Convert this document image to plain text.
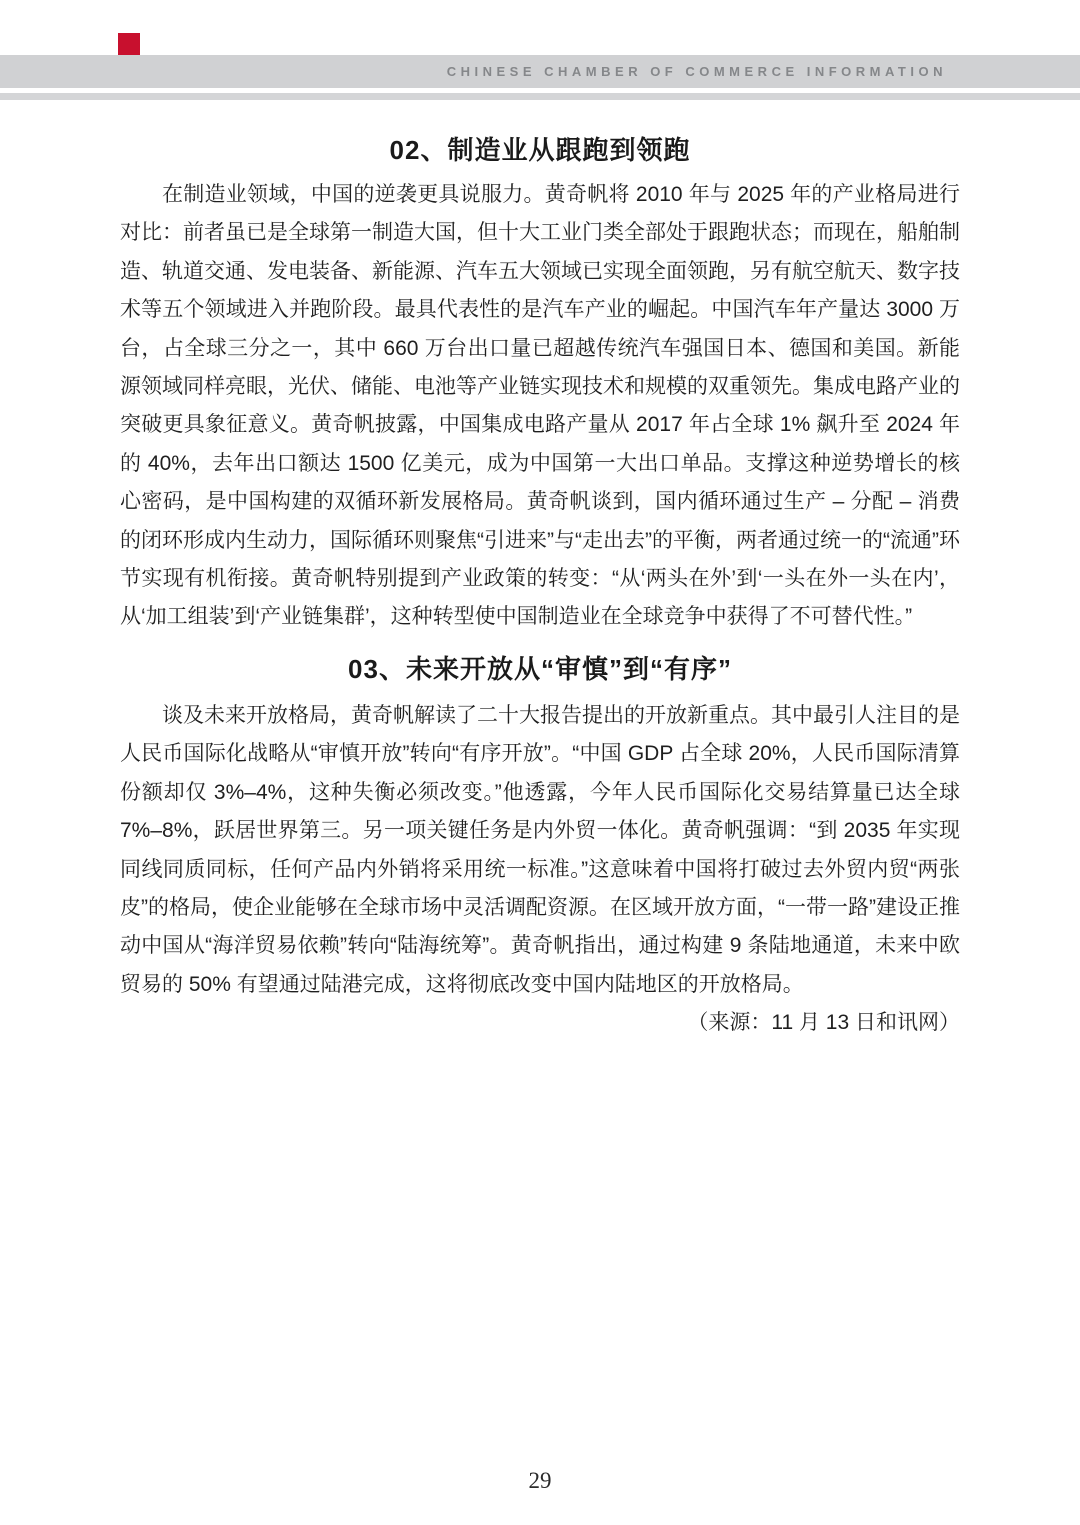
CHINESE CHAMBER OF COMMERCE INFORMATION
02、制造业从跟跑到领跑

在制造业领域，中国的逆袭更具说服力。黄奇帆将 2010 年与 2025 年的产业格局进行对比：前者虽已是全球第一制造大国，但十大工业门类全部处于跟跑状态；而现在，船舶制造、轨道交通、发电装备、新能源、汽车五大领域已实现全面领跑，另有航空航天、数字技术等五个领域进入并跑阶段。最具代表性的是汽车产业的崛起。中国汽车年产量达 3000 万台，占全球三分之一，其中 660 万台出口量已超越传统汽车强国日本、德国和美国。新能源领域同样亮眼，光伏、储能、电池等产业链实现技术和规模的双重领先。集成电路产业的突破更具象征意义。黄奇帆披露，中国集成电路产量从 2017 年占全球 1% 飙升至 2024 年的 40%，去年出口额达 1500 亿美元，成为中国第一大出口单品。支撑这种逆势增长的核心密码，是中国构建的双循环新发展格局。黄奇帆谈到，国内循环通过生产 – 分配 – 消费的闭环形成内生动力，国际循环则聚焦“引进来”与“走出去”的平衡，两者通过统一的“流通”环节实现有机衔接。黄奇帆特别提到产业政策的转变：“从‘两头在外’到‘一头在外一头在内’，从‘加工组装’到‘产业链集群’，这种转型使中国制造业在全球竞争中获得了不可替代性。”

03、未来开放从“审慎”到“有序”

谈及未来开放格局，黄奇帆解读了二十大报告提出的开放新重点。其中最引人注目的是人民币国际化战略从“审慎开放”转向“有序开放”。“中国 GDP 占全球 20%，人民币国际清算份额却仅 3%–4%，这种失衡必须改变。”他透露，今年人民币国际化交易结算量已达全球 7%–8%，跃居世界第三。另一项关键任务是内外贸一体化。黄奇帆强调：“到 2035 年实现同线同质同标，任何产品内外销将采用统一标准。”这意味着中国将打破过去外贸内贸“两张皮”的格局，使企业能够在全球市场中灵活调配资源。在区域开放方面，“一带一路”建设正推动中国从“海洋贸易依赖”转向“陆海统筹”。黄奇帆指出，通过构建 9 条陆地通道，未来中欧贸易的 50% 有望通过陆港完成，这将彻底改变中国内陆地区的开放格局。

（来源：11 月 13 日和讯网）

29
